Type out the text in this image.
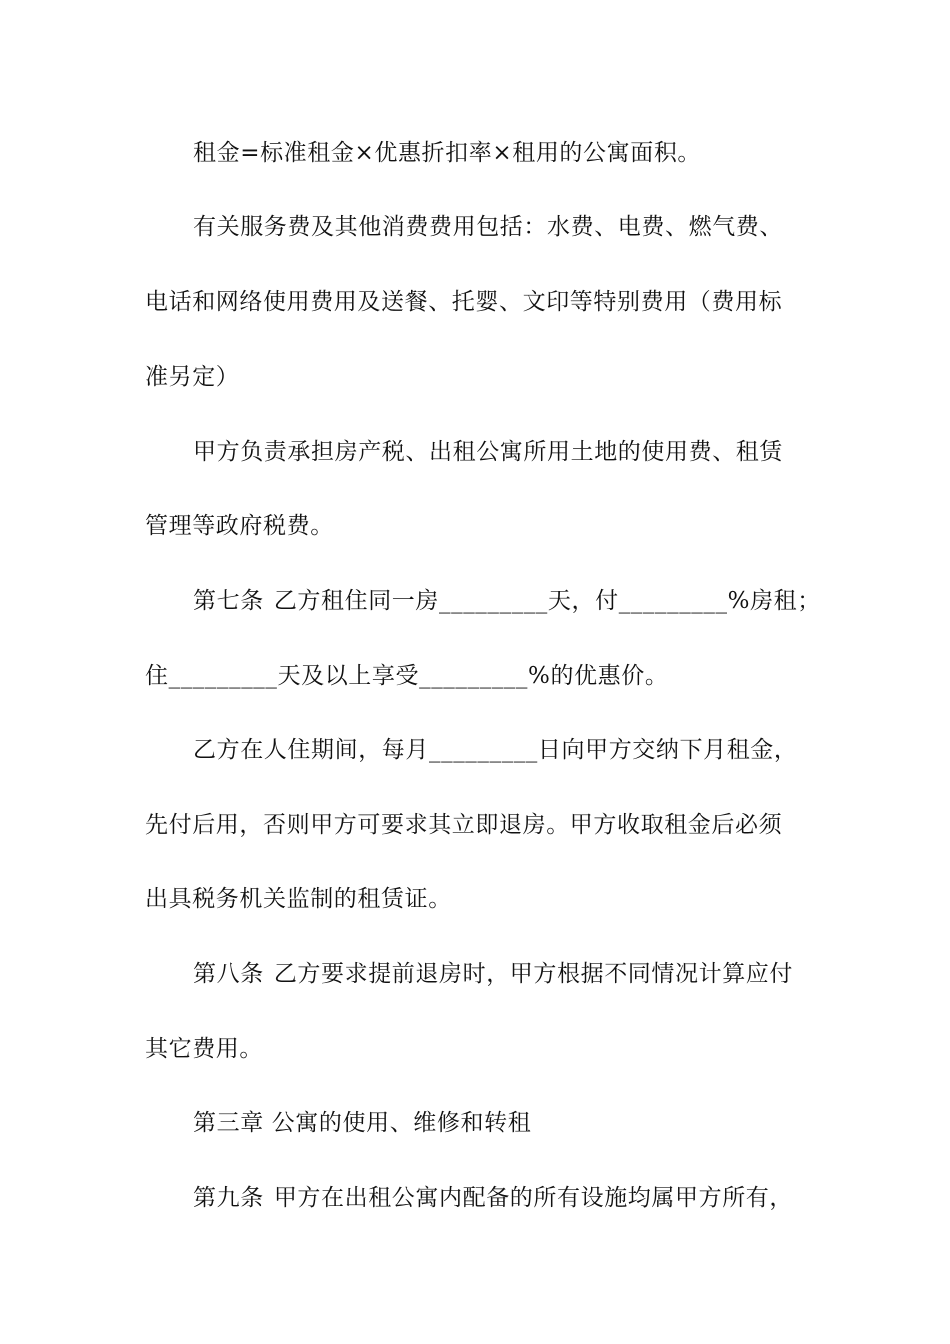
租金=标准租金×优惠折扣率×租用的公寓面积。
有关服务费及其他消费费用包括：水费、电费、燃气费、
电话和网络使用费用及送餐、托婴、文印等特别费用（费用标
准另定）
甲方负责承担房产税、出租公寓所用土地的使用费、租赁
管理等政府税费。
第七条 乙方租住同一房_________天，付_________%房租；
住_________天及以上享受_________%的优惠价。
乙方在人住期间，每月_________日向甲方交纳下月租金，
先付后用，否则甲方可要求其立即退房。甲方收取租金后必须
出具税务机关监制的租赁证。
第八条 乙方要求提前退房时，甲方根据不同情况计算应付
其它费用。
第三章 公寓的使用、维修和转租
第九条 甲方在出租公寓内配备的所有设施均属甲方所有，
